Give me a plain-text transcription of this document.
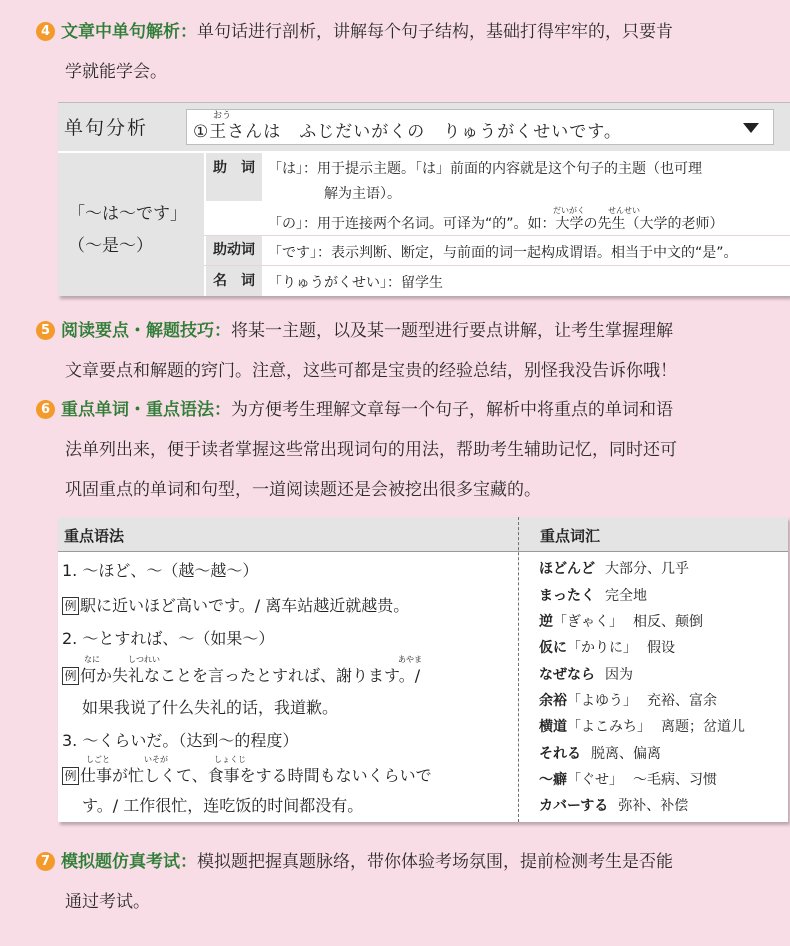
4 文章中单句解析：单句话进行剖析，讲解每个句子结构，基础打得牢牢的，只要肯
学就能学会。
单句分析
おう
①王さんは　ふじだいがくの　りゅうがくせいです。
「～は～です」
（～是～）
助　词 「は」：用于提示主题。「は」前面的内容就是这个句子的主题（也可理
解为主语）。
だいがく	せんせい
「の」：用于连接两个名词。可译为“的”。如：大学の先生（大学的老师）
助动词 「です」：表示判断、断定，与前面的词一起构成谓语。相当于中文的“是”。
名　词 「りゅうがくせい」：留学生
5 阅读要点・解题技巧：将某一主题，以及某一题型进行要点讲解，让考生掌握理解
文章要点和解题的窍门。注意，这些可都是宝贵的经验总结，别怪我没告诉你哦！
6 重点单词・重点语法：为方便考生理解文章每一个句子，解析中将重点的单词和语
法单列出来，便于读者掌握这些常出现词句的用法，帮助考生辅助记忆，同时还可
巩固重点的单词和句型，一道阅读题还是会被挖出很多宝藏的。
重点语法	重点词汇
1. ～ほど、～（越～越～）
例 駅に近いほど高いです。/ 离车站越近就越贵。
2. ～とすれば、～（如果～）
なに	しつれい	あやま
例 何か失礼なことを言ったとすれば、謝ります。/
如果我说了什么失礼的话，我道歉。
3. ～くらいだ。（达到～的程度）
しごと	いそが	しょくじ
例 仕事が忙しくて、食事をする時間もないくらいで
す。/ 工作很忙，连吃饭的时间都没有。
ほどんど 大部分、几乎
まったく 完全地
逆「ぎゃく」 相反、颠倒
仮に「かりに」 假设
なぜなら 因为
余裕「よゆう」 充裕、富余
横道「よこみち」 离题；岔道儿
それる 脱离、偏离
～癖「ぐせ」 ～毛病、习惯
カバーする 弥补、补偿
7 模拟题仿真考试：模拟题把握真题脉络，带你体验考场氛围，提前检测考生是否能
通过考试。
